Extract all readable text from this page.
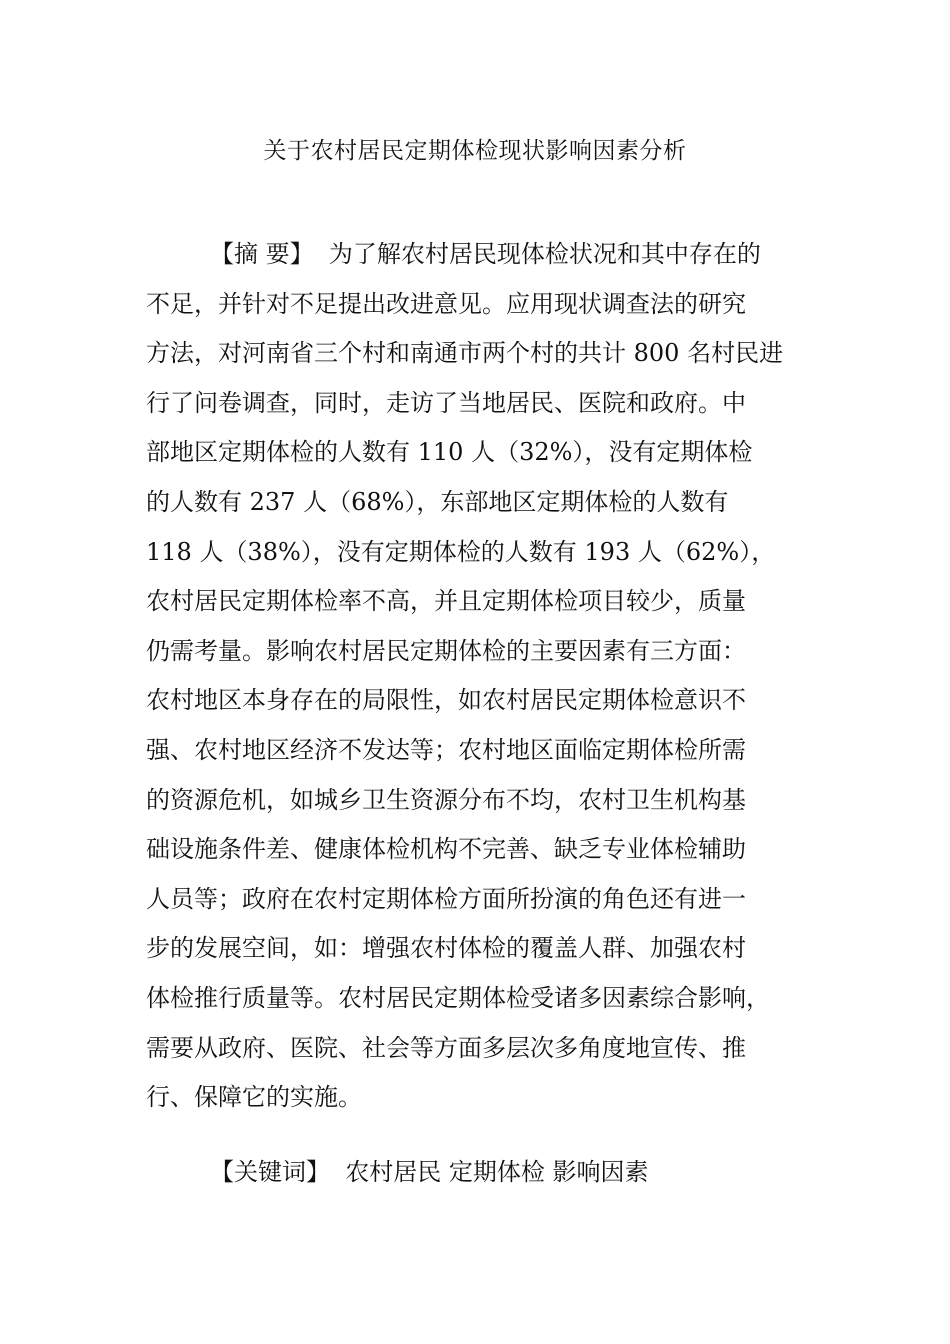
关于农村居民定期体检现状影响因素分析
【摘 要】 为了解农村居民现体检状况和其中存在的
不足，并针对不足提出改进意见。应用现状调查法的研究
方法，对河南省三个村和南通市两个村的共计 800 名村民进
行了问卷调查，同时，走访了当地居民、医院和政府。中
部地区定期体检的人数有 110 人（32%），没有定期体检
的人数有 237 人（68%），东部地区定期体检的人数有
118 人（38%），没有定期体检的人数有 193 人（62%），
农村居民定期体检率不高，并且定期体检项目较少，质量
仍需考量。影响农村居民定期体检的主要因素有三方面：
农村地区本身存在的局限性，如农村居民定期体检意识不
强、农村地区经济不发达等；农村地区面临定期体检所需
的资源危机，如城乡卫生资源分布不均，农村卫生机构基
础设施条件差、健康体检机构不完善、缺乏专业体检辅助
人员等；政府在农村定期体检方面所扮演的角色还有进一
步的发展空间，如：增强农村体检的覆盖人群、加强农村
体检推行质量等。农村居民定期体检受诸多因素综合影响，
需要从政府、医院、社会等方面多层次多角度地宣传、推
行、保障它的实施。
【关键词】 农村居民 定期体检 影响因素
